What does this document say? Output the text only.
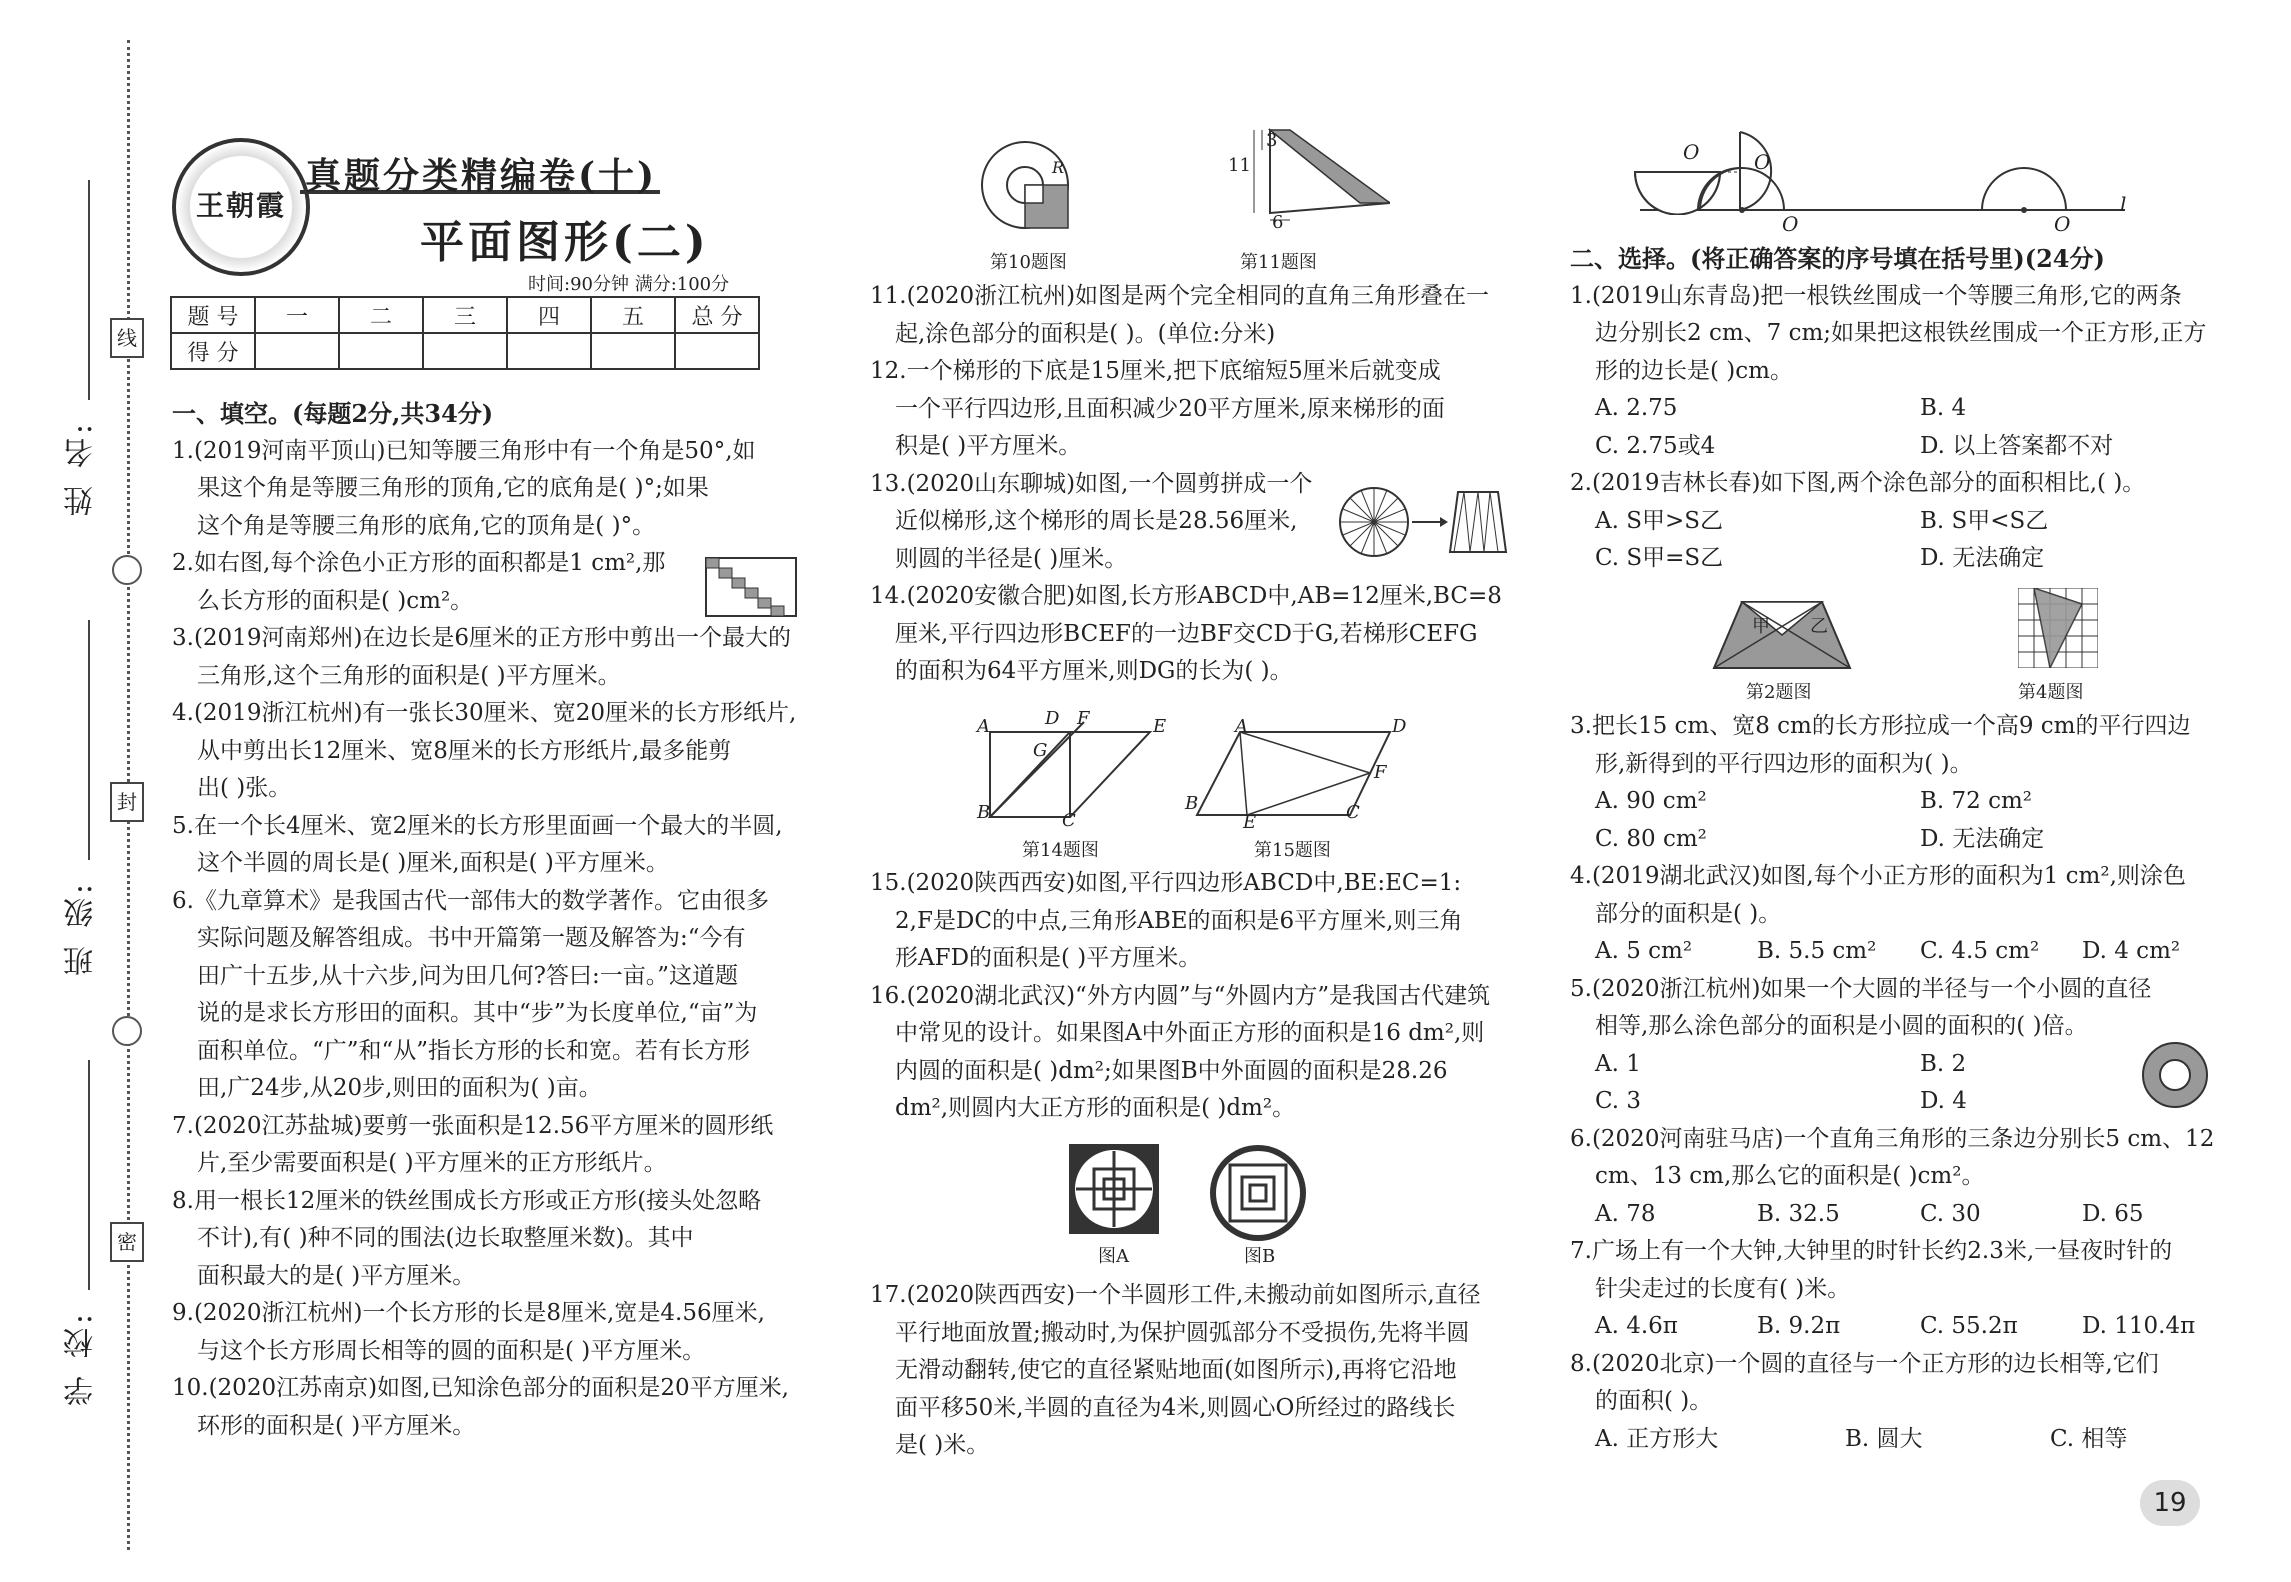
姓 名:
班 级:
学 校:
线
封
密
王朝霞
真题分类精编卷(十)
平面图形(二)
时间:90分钟 满分:100分
题 号	一	二	三	四	五	总 分
得 分						
一、填空。(每题2分,共34分)
1.(2019河南平顶山)已知等腰三角形中有一个角是50°,如
果这个角是等腰三角形的顶角,它的底角是( )°;如果
这个角是等腰三角形的底角,它的顶角是( )°。
2.如右图,每个涂色小正方形的面积都是1 cm²,那
么长方形的面积是( )cm²。
3.(2019河南郑州)在边长是6厘米的正方形中剪出一个最大的
三角形,这个三角形的面积是( )平方厘米。
4.(2019浙江杭州)有一张长30厘米、宽20厘米的长方形纸片,
从中剪出长12厘米、宽8厘米的长方形纸片,最多能剪
出( )张。
5.在一个长4厘米、宽2厘米的长方形里面画一个最大的半圆,
这个半圆的周长是( )厘米,面积是( )平方厘米。
6.《九章算术》是我国古代一部伟大的数学著作。它由很多
实际问题及解答组成。书中开篇第一题及解答为:“今有
田广十五步,从十六步,问为田几何?答曰:一亩。”这道题
说的是求长方形田的面积。其中“步”为长度单位,“亩”为
面积单位。“广”和“从”指长方形的长和宽。若有长方形
田,广24步,从20步,则田的面积为( )亩。
7.(2020江苏盐城)要剪一张面积是12.56平方厘米的圆形纸
片,至少需要面积是( )平方厘米的正方形纸片。
8.用一根长12厘米的铁丝围成长方形或正方形(接头处忽略
不计),有( )种不同的围法(边长取整厘米数)。其中
面积最大的是( )平方厘米。
9.(2020浙江杭州)一个长方形的长是8厘米,宽是4.56厘米,
与这个长方形周长相等的圆的面积是( )平方厘米。
10.(2020江苏南京)如图,已知涂色部分的面积是20平方厘米,
环形的面积是( )平方厘米。
R
第10题图
11
3
6
第11题图
11.(2020浙江杭州)如图是两个完全相同的直角三角形叠在一
起,涂色部分的面积是( )。(单位:分米)
12.一个梯形的下底是15厘米,把下底缩短5厘米后就变成
一个平行四边形,且面积减少20平方厘米,原来梯形的面
积是( )平方厘米。
13.(2020山东聊城)如图,一个圆剪拼成一个
近似梯形,这个梯形的周长是28.56厘米,
则圆的半径是( )厘米。
14.(2020安徽合肥)如图,长方形ABCD中,AB=12厘米,BC=8
厘米,平行四边形BCEF的一边BF交CD于G,若梯形CEFG
的面积为64平方厘米,则DG的长为( )。
A	D F	E
G
B	C
第14题图
A	D
F
B
E	C
第15题图
15.(2020陕西西安)如图,平行四边形ABCD中,BE:EC=1:
2,F是DC的中点,三角形ABE的面积是6平方厘米,则三角
形AFD的面积是( )平方厘米。
16.(2020湖北武汉)“外方内圆”与“外圆内方”是我国古代建筑
中常见的设计。如果图A中外面正方形的面积是16 dm²,则
内圆的面积是( )dm²;如果图B中外面圆的面积是28.26
dm²,则圆内大正方形的面积是( )dm²。
图A	图B
17.(2020陕西西安)一个半圆形工件,未搬动前如图所示,直径
平行地面放置;搬动时,为保护圆弧部分不受损伤,先将半圆
无滑动翻转,使它的直径紧贴地面(如图所示),再将它沿地
面平移50米,半圆的直径为4米,则圆心O所经过的路线长
是( )米。
O	O
O	O
l
二、选择。(将正确答案的序号填在括号里)(24分)
1.(2019山东青岛)把一根铁丝围成一个等腰三角形,它的两条
边分别长2 cm、7 cm;如果把这根铁丝围成一个正方形,正方
形的边长是( )cm。
A. 2.75	B. 4
C. 2.75或4	D. 以上答案都不对
2.(2019吉林长春)如下图,两个涂色部分的面积相比,( )。
A. S甲>S乙	B. S甲<S乙
C. S甲=S乙	D. 无法确定
甲 乙
第2题图	第4题图
3.把长15 cm、宽8 cm的长方形拉成一个高9 cm的平行四边
形,新得到的平行四边形的面积为( )。
A. 90 cm²	B. 72 cm²
C. 80 cm²	D. 无法确定
4.(2019湖北武汉)如图,每个小正方形的面积为1 cm²,则涂色
部分的面积是( )。
A. 5 cm²	B. 5.5 cm²	C. 4.5 cm²	D. 4 cm²
5.(2020浙江杭州)如果一个大圆的半径与一个小圆的直径
相等,那么涂色部分的面积是小圆的面积的( )倍。
A. 1	B. 2
C. 3	D. 4
6.(2020河南驻马店)一个直角三角形的三条边分别长5 cm、12
cm、13 cm,那么它的面积是( )cm²。
A. 78	B. 32.5	C. 30	D. 65
7.广场上有一个大钟,大钟里的时针长约2.3米,一昼夜时针的
针尖走过的长度有( )米。
A. 4.6π	B. 9.2π	C. 55.2π	D. 110.4π
8.(2020北京)一个圆的直径与一个正方形的边长相等,它们
的面积( )。
A. 正方形大	B. 圆大	C. 相等
19
